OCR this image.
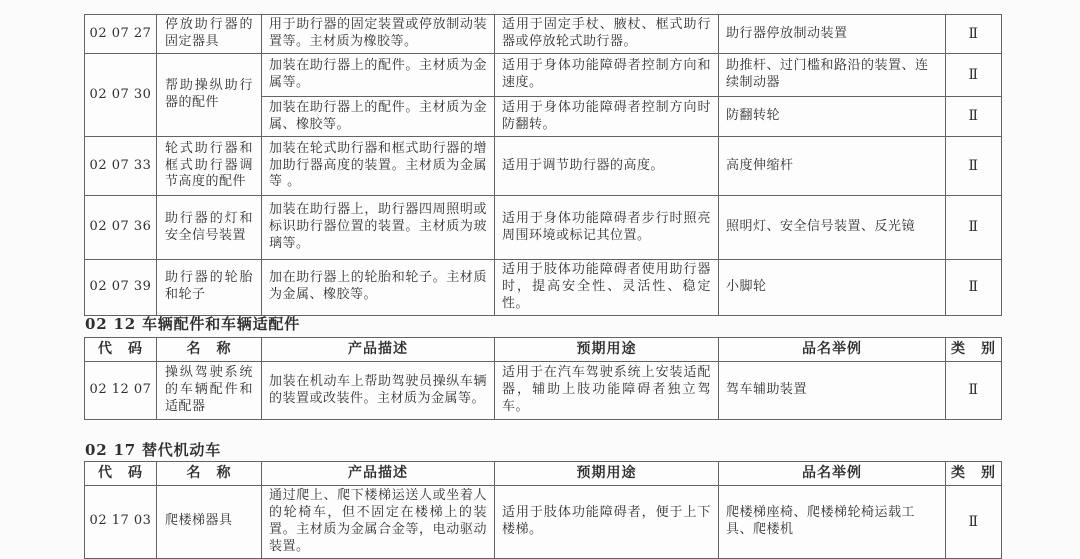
02 07 27	停放助行器的固定器具	用于助行器的固定装置或停放制动装置等。主材质为橡胶等。	适用于固定手杖、腋杖、框式助行器或停放轮式助行器。	助行器停放制动装置	Ⅱ
02 07 30	帮助操纵助行器的配件	加装在助行器上的配件。主材质为金属等。	适用于身体功能障碍者控制方向和速度。	助推杆、过门槛和路沿的装置、连续制动器	Ⅱ
		加装在助行器上的配件。主材质为金属、橡胶等。	适用于身体功能障碍者控制方向时防翻转。	防翻转轮	Ⅱ
02 07 33	轮式助行器和框式助行器调节高度的配件	加装在轮式助行器和框式助行器的增加助行器高度的装置。主材质为金属等 。	适用于调节助行器的高度。	高度伸缩杆	Ⅱ
02 07 36	助行器的灯和安全信号装置	加装在助行器上，助行器四周照明或标识助行器位置的装置。主材质为玻璃等。	适用于身体功能障碍者步行时照亮周围环境或标记其位置。	照明灯、安全信号装置、反光镜	Ⅱ
02 07 39	助行器的轮胎和轮子	加在助行器上的轮胎和轮子。主材质为金属、橡胶等。	适用于肢体功能障碍者使用助行器时，提高安全性、灵活性、稳定性。	小脚轮	Ⅱ
02 12 车辆配件和车辆适配件
代　码	名　称	产品描述	预期用途	品名举例	类　别
02 12 07	操纵驾驶系统的车辆配件和适配器	加装在机动车上帮助驾驶员操纵车辆的装置或改装件。主材质为金属等。	适用于在汽车驾驶系统上安装适配器，辅助上肢功能障碍者独立驾车。	驾车辅助装置	Ⅱ
02 17 替代机动车
代　码	名　称	产品描述	预期用途	品名举例	类　别
02 17 03	爬楼梯器具	通过爬上、爬下楼梯运送人或坐着人的轮椅车，但不固定在楼梯上的装置。主材质为金属合金等，电动驱动装置。	适用于肢体功能障碍者，便于上下楼梯。	爬楼梯座椅、爬楼梯轮椅运载工具、爬楼机	Ⅱ
